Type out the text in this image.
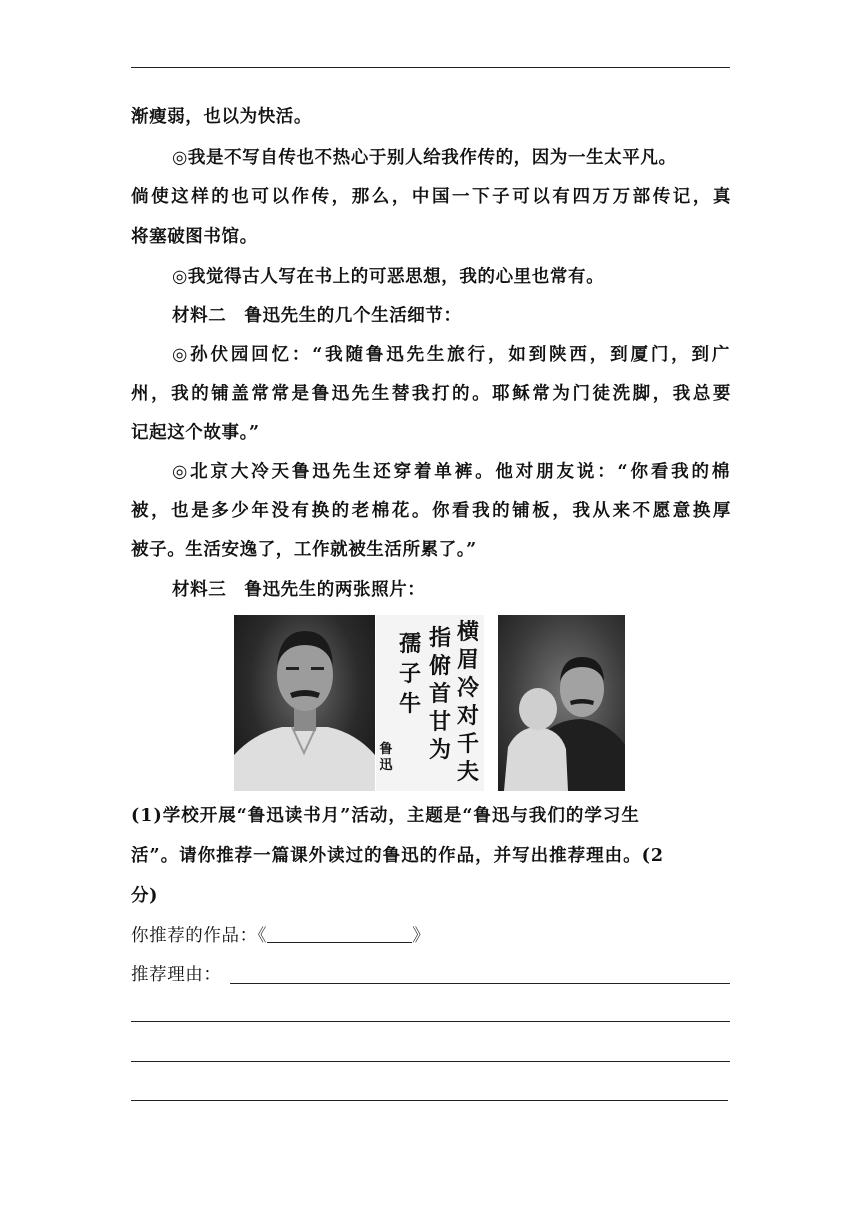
渐瘦弱，也以为快活。
◎我是不写自传也不热心于别人给我作传的，因为一生太平凡。
倘使这样的也可以作传，那么，中国一下子可以有四万万部传记，真
将塞破图书馆。
◎我觉得古人写在书上的可恶思想，我的心里也常有。
材料二　鲁迅先生的几个生活细节：
◎孙伏园回忆：“我随鲁迅先生旅行，如到陕西，到厦门，到广
州，我的铺盖常常是鲁迅先生替我打的。耶稣常为门徒洗脚，我总要
记起这个故事。”
◎北京大冷天鲁迅先生还穿着单裤。他对朋友说：“你看我的棉
被，也是多少年没有换的老棉花。你看我的铺板，我从来不愿意换厚
被子。生活安逸了，工作就被生活所累了。”
材料三　鲁迅先生的两张照片：
横
眉
冷
对
千
夫
指
俯
首
甘
为
孺
子
牛
鲁
迅
(1)学校开展“鲁迅读书月”活动，主题是“鲁迅与我们的学习生
活”。请你推荐一篇课外读过的鲁迅的作品，并写出推荐理由。(2
分)
你推荐的作品：《	》
推荐理由：
